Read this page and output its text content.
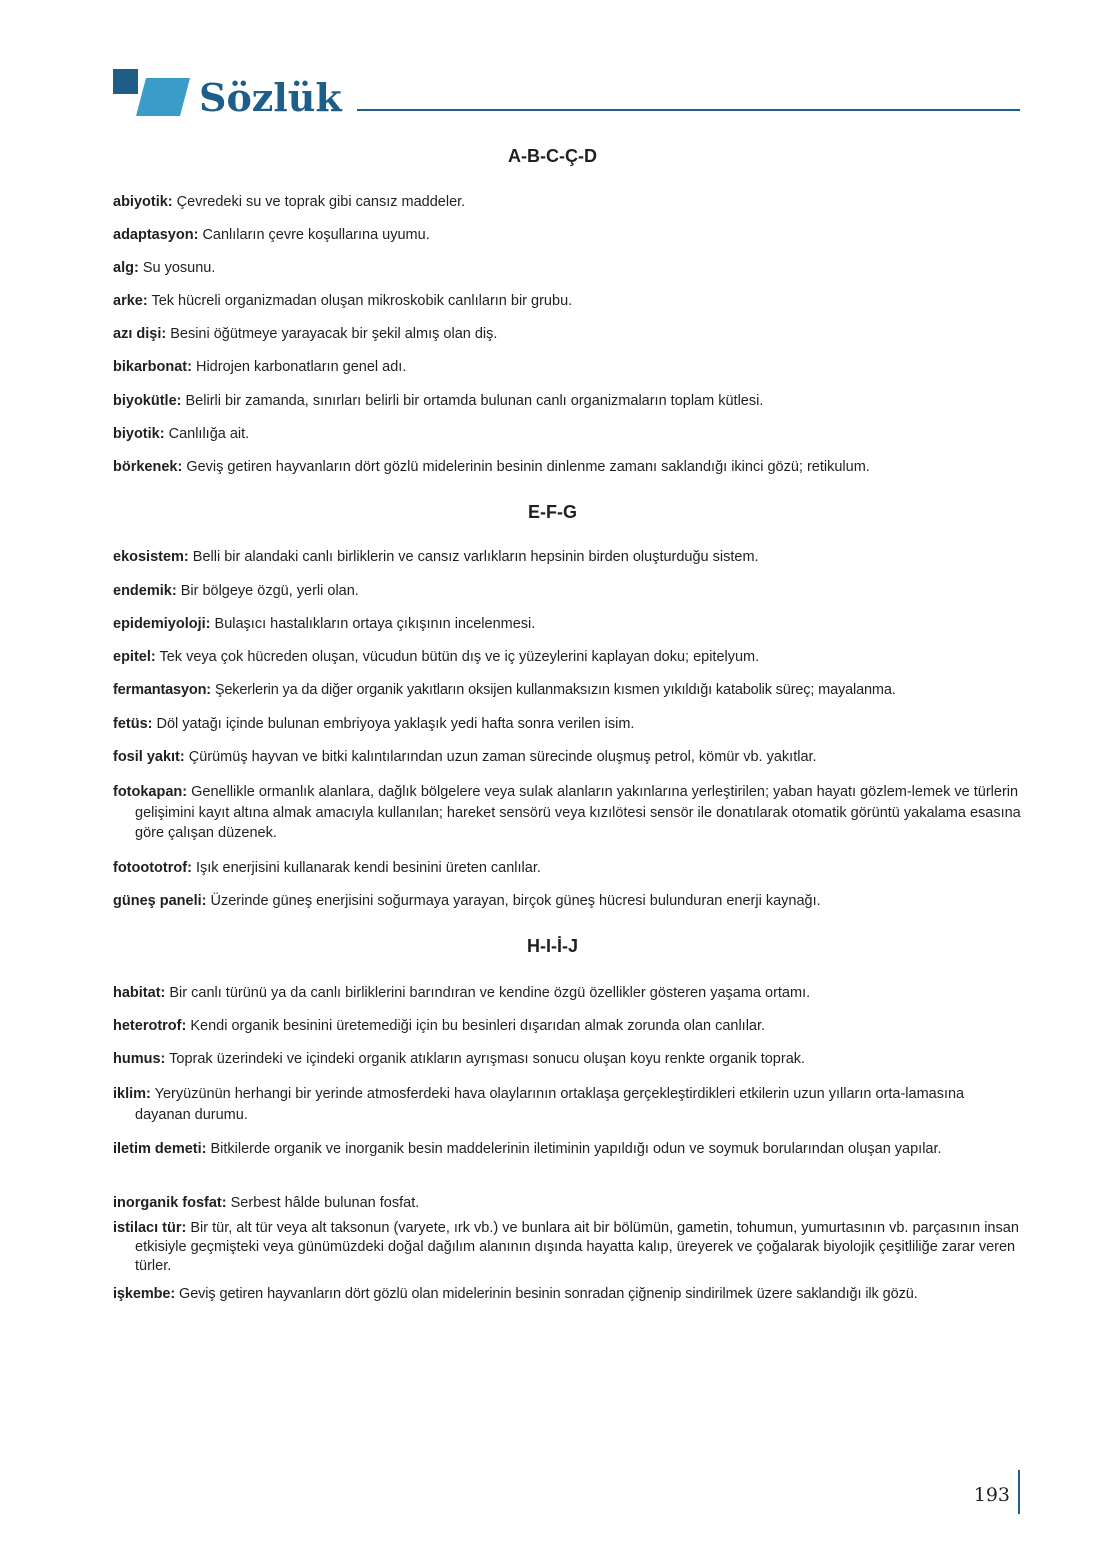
Sözlük
A-B-C-Ç-D

abiyotik: Çevredeki su ve toprak gibi cansız maddeler.

adaptasyon: Canlıların çevre koşullarına uyumu.

alg: Su yosunu.

arke: Tek hücreli organizmadan oluşan mikroskobik canlıların bir grubu.

azı dişi: Besini öğütmeye yarayacak bir şekil almış olan diş.

bikarbonat: Hidrojen karbonatların genel adı.

biyokütle: Belirli bir zamanda, sınırları belirli bir ortamda bulunan canlı organizmaların toplam kütlesi.

biyotik: Canlılığa ait.

börkenek: Geviş getiren hayvanların dört gözlü midelerinin besinin dinlenme zamanı saklandığı ikinci gözü; retikulum.

E-F-G

ekosistem: Belli bir alandaki canlı birliklerin ve cansız varlıkların hepsinin birden oluşturduğu sistem.

endemik: Bir bölgeye özgü, yerli olan.

epidemiyoloji: Bulaşıcı hastalıkların ortaya çıkışının incelenmesi.

epitel: Tek veya çok hücreden oluşan, vücudun bütün dış ve iç yüzeylerini kaplayan doku; epitelyum.

fermantasyon: Şekerlerin ya da diğer organik yakıtların oksijen kullanmaksızın kısmen yıkıldığı katabolik süreç; mayalanma.

fetüs: Döl yatağı içinde bulunan embriyoya yaklaşık yedi hafta sonra verilen isim.

fosil yakıt: Çürümüş hayvan ve bitki kalıntılarından uzun zaman sürecinde oluşmuş petrol, kömür vb. yakıtlar.

fotokapan: Genellikle ormanlık alanlara, dağlık bölgelere veya sulak alanların yakınlarına yerleştirilen; yaban hayatı gözlem-lemek ve türlerin gelişimini kayıt altına almak amacıyla kullanılan; hareket sensörü veya kızılötesi sensör ile donatılarak otomatik görüntü yakalama esasına göre çalışan düzenek.

fotoototrof: Işık enerjisini kullanarak kendi besinini üreten canlılar.

güneş paneli: Üzerinde güneş enerjisini soğurmaya yarayan, birçok güneş hücresi bulunduran enerji kaynağı.

H-I-İ-J

habitat: Bir canlı türünü ya da canlı birliklerini barındıran ve kendine özgü özellikler gösteren yaşama ortamı.

heterotrof: Kendi organik besinini üretemediği için bu besinleri dışarıdan almak zorunda olan canlılar.

humus: Toprak üzerindeki ve içindeki organik atıkların ayrışması sonucu oluşan koyu renkte organik toprak.

iklim: Yeryüzünün herhangi bir yerinde atmosferdeki hava olaylarının ortaklaşa gerçekleştirdikleri etkilerin uzun yılların orta-lamasına dayanan durumu.

iletim demeti: Bitkilerde organik ve inorganik besin maddelerinin iletiminin yapıldığı odun ve soymuk borularından oluşan yapılar.

inorganik fosfat: Serbest hâlde bulunan fosfat.

istilacı tür: Bir tür, alt tür veya alt taksonun (varyete, ırk vb.) ve bunlara ait bir bölümün, gametin, tohumun, yumurtasının vb. parçasının insan etkisiyle geçmişteki veya günümüzdeki doğal dağılım alanının dışında hayatta kalıp, üreyerek ve çoğalarak biyolojik çeşitliliğe zarar veren türler.

işkembe: Geviş getiren hayvanların dört gözlü olan midelerinin besinin sonradan çiğnenip sindirilmek üzere saklandığı ilk gözü.

193
